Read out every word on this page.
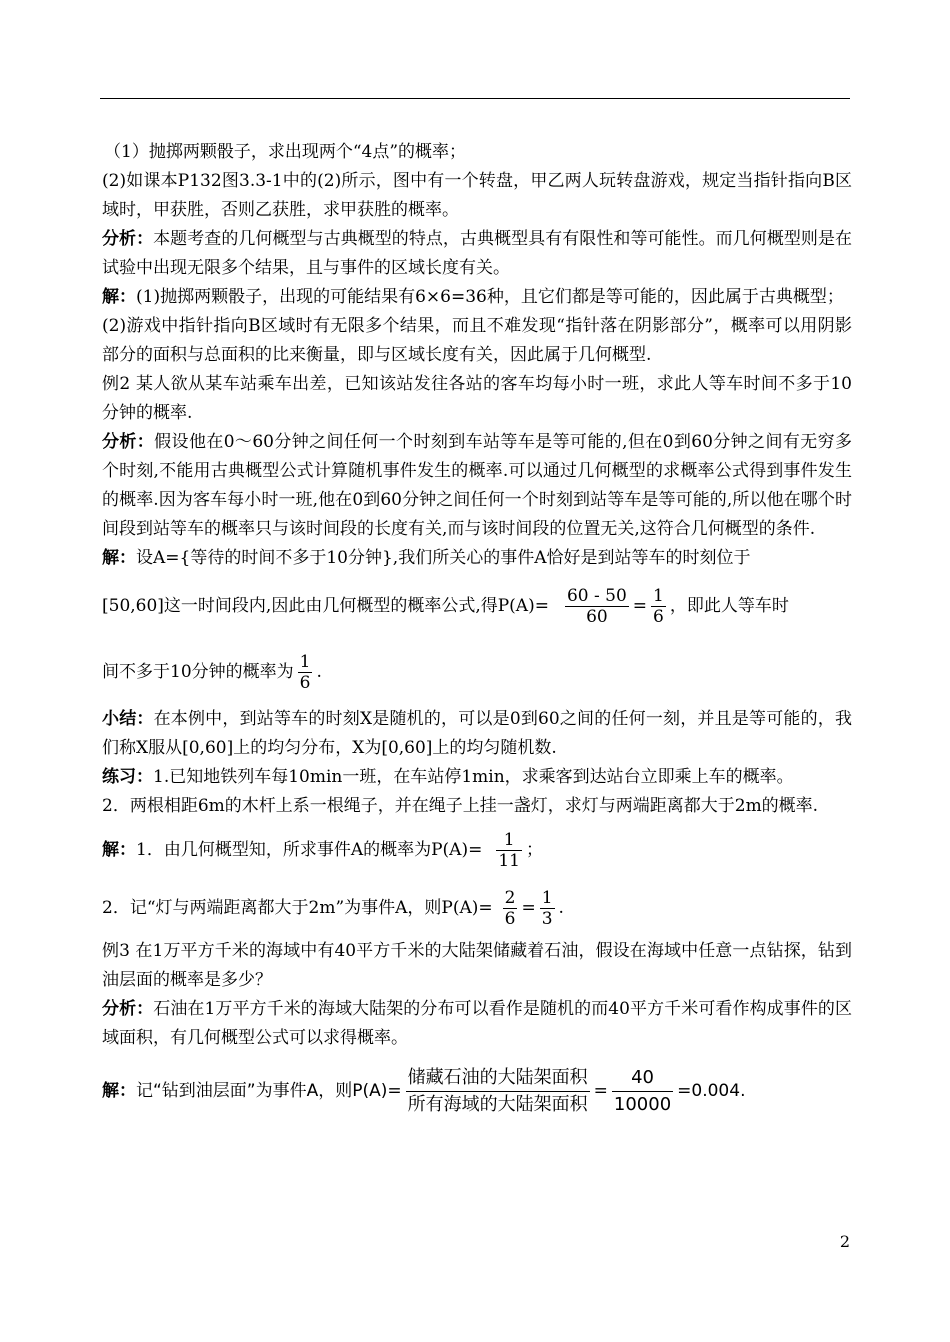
（1）抛掷两颗骰子，求出现两个“4点”的概率；

(2)如课本P132图3.3-1中的(2)所示，图中有一个转盘，甲乙两人玩转盘游戏，规定当指针指向B区域时，甲获胜，否则乙获胜，求甲获胜的概率。

分析：本题考查的几何概型与古典概型的特点，古典概型具有有限性和等可能性。而几何概型则是在试验中出现无限多个结果，且与事件的区域长度有关。

解：(1)抛掷两颗骰子，出现的可能结果有6×6=36种，且它们都是等可能的，因此属于古典概型；

(2)游戏中指针指向B区域时有无限多个结果，而且不难发现“指针落在阴影部分”，概率可以用阴影部分的面积与总面积的比来衡量，即与区域长度有关，因此属于几何概型.

例2 某人欲从某车站乘车出差，已知该站发往各站的客车均每小时一班，求此人等车时间不多于10分钟的概率.

分析：假设他在0～60分钟之间任何一个时刻到车站等车是等可能的,但在0到60分钟之间有无穷多个时刻,不能用古典概型公式计算随机事件发生的概率.可以通过几何概型的求概率公式得到事件发生的概率.因为客车每小时一班,他在0到60分钟之间任何一个时刻到站等车是等可能的,所以他在哪个时间段到站等车的概率只与该时间段的长度有关,而与该时间段的位置无关,这符合几何概型的条件.

解：设A={等待的时间不多于10分钟},我们所关心的事件A恰好是到站等车的时刻位于

[50,60]这一时间段内,因此由几何概型的概率公式,得$P(A)= \frac{60 - 50}{60} = \frac{1}{6}$ ，即此人等车时
间不多于10分钟的概率为 $\frac{1}{6}$ .

小结：在本例中，到站等车的时刻X是随机的，可以是0到60之间的任何一刻，并且是等可能的，我们称X服从[0,60]上的均匀分布，X为[0,60]上的均匀随机数.

练习：1.已知地铁列车每10min一班，在车站停1min，求乘客到达站台立即乘上车的概率。

2．两根相距6m的木杆上系一根绳子，并在绳子上挂一盏灯，求灯与两端距离都大于2m的概率.

解： 1．由几何概型知，所求事件A的概率为$P(A)= \frac{1}{11}$ ；
2．记“灯与两端距离都大于2m”为事件A，则$P(A)= \frac{2}{6} = \frac{1}{3}$ .

例3 在1万平方千米的海域中有40平方千米的大陆架储藏着石油，假设在海域中任意一点钻探，钻到油层面的概率是多少？

分析：石油在1万平方千米的海域大陆架的分布可以看作是随机的而40平方千米可看作构成事件的区域面积，有几何概型公式可以求得概率。

解： 记“钻到油层面”为事件A，则$P(A)= \frac{\text{储藏石油的大陆架面积}}{\text{所有海域的大陆架面积}} = \frac{40}{10000} =0.004$.
2
